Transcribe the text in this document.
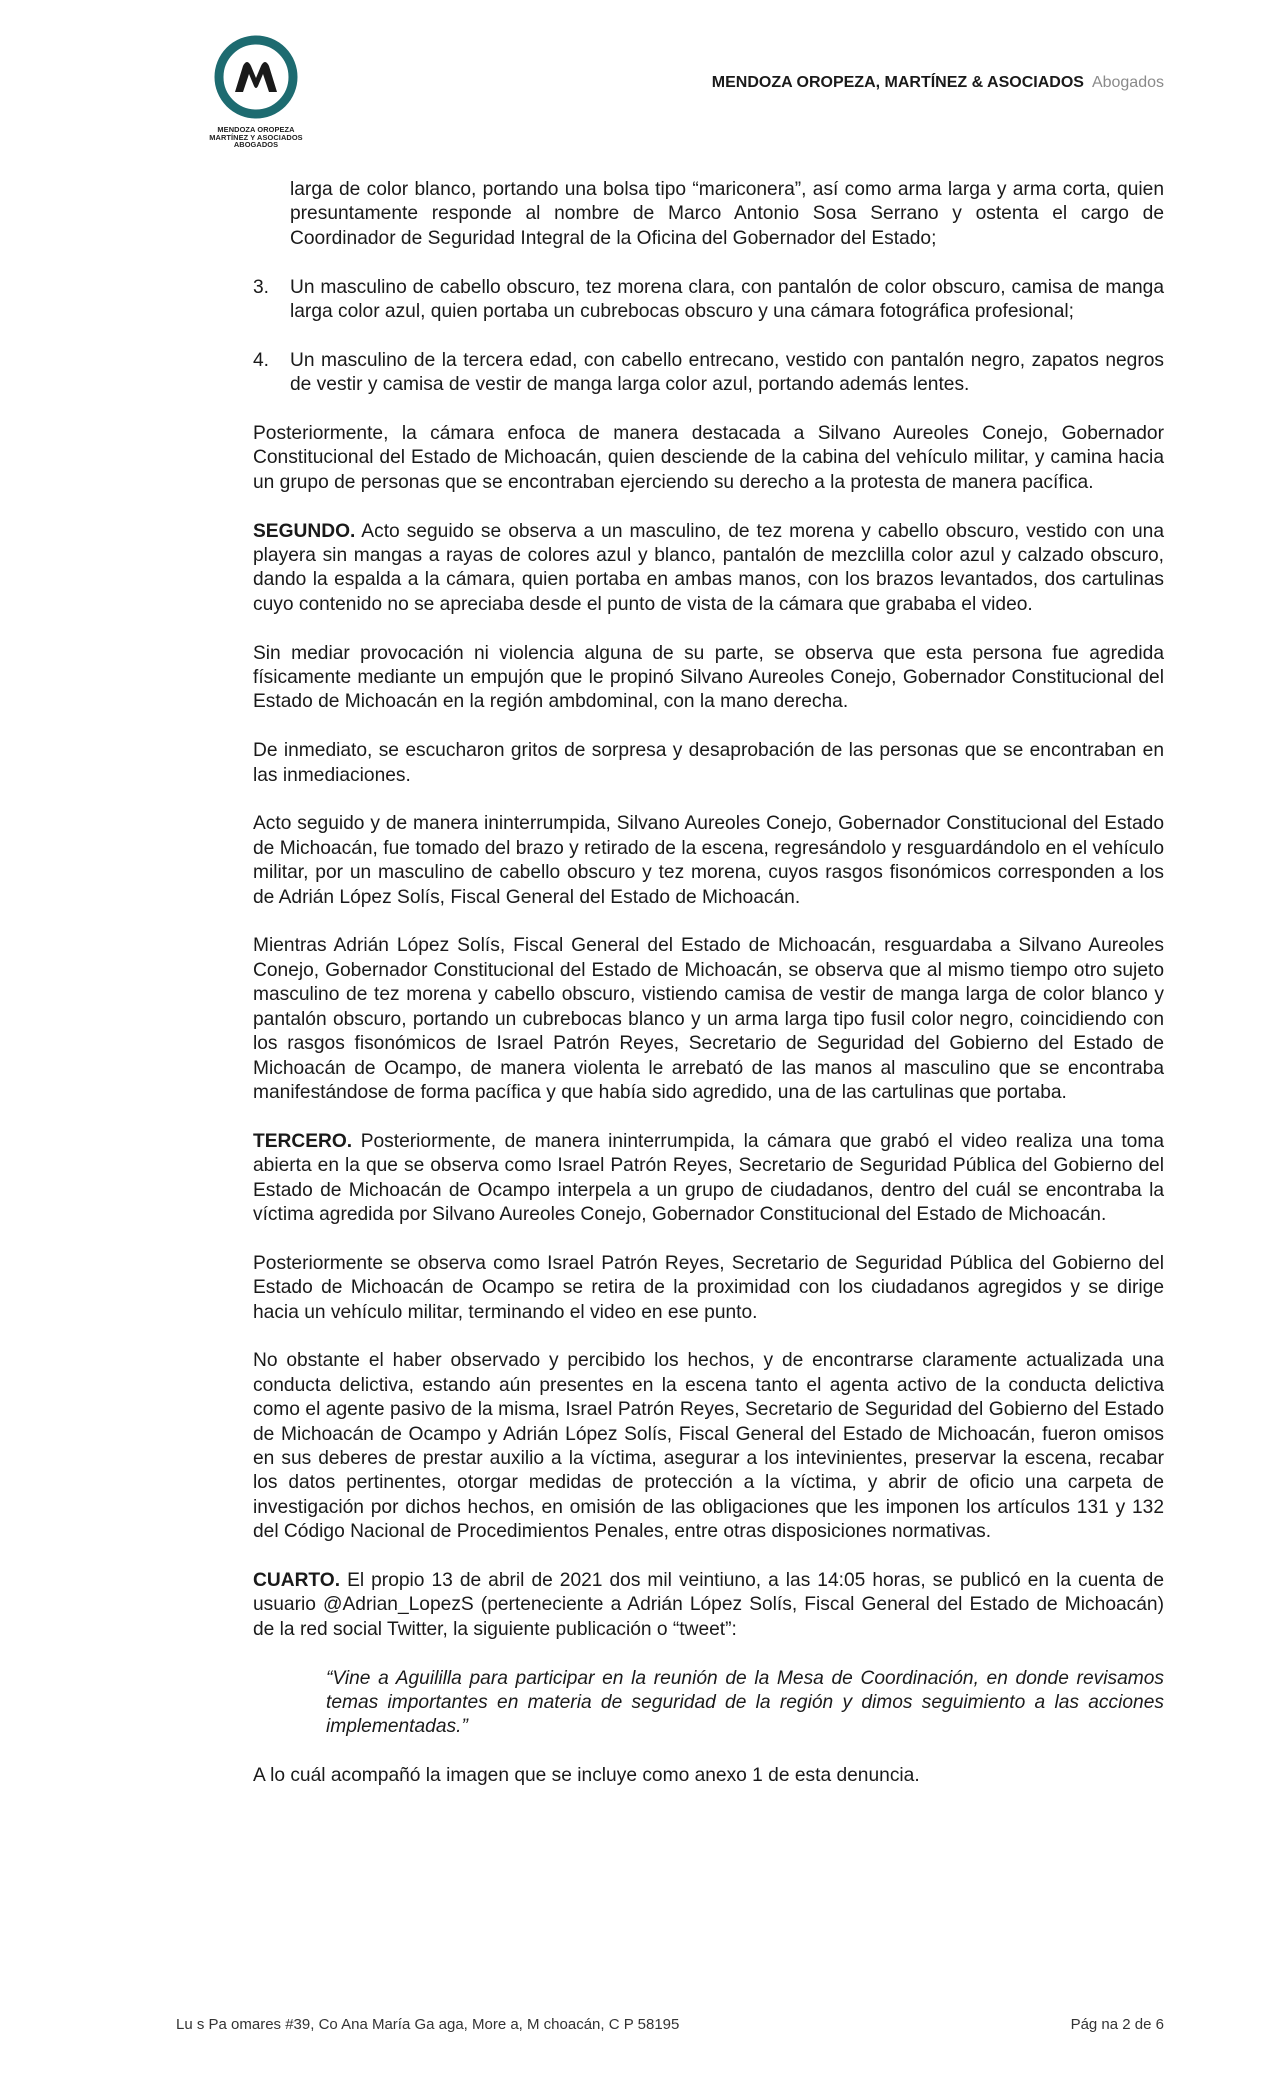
MENDOZA OROPEZA
MARTÍNEZ Y ASOCIADOS
ABOGADOS
MENDOZA OROPEZA, MARTÍNEZ & ASOCIADOS Abogados
larga de color blanco, portando una bolsa tipo “mariconera”, así como arma larga y arma corta, quien presuntamente responde al nombre de Marco Antonio Sosa Serrano y ostenta el cargo de Coordinador de Seguridad Integral de la Oficina del Gobernador del Estado;
3.	Un masculino de cabello obscuro, tez morena clara, con pantalón de color obscuro, camisa de manga larga color azul, quien portaba un cubrebocas obscuro y una cámara fotográfica profesional;
4.	Un masculino de la tercera edad, con cabello entrecano, vestido con pantalón negro, zapatos negros de vestir y camisa de vestir de manga larga color azul, portando además lentes.

Posteriormente, la cámara enfoca de manera destacada a Silvano Aureoles Conejo, Gobernador Constitucional del Estado de Michoacán, quien desciende de la cabina del vehículo militar, y camina hacia un grupo de personas que se encontraban ejerciendo su derecho a la protesta de manera pacífica.

SEGUNDO. Acto seguido se observa a un masculino, de tez morena y cabello obscuro, vestido con una playera sin mangas a rayas de colores azul y blanco, pantalón de mezclilla color azul y calzado obscuro, dando la espalda a la cámara, quien portaba en ambas manos, con los brazos levantados, dos cartulinas cuyo contenido no se apreciaba desde el punto de vista de la cámara que grababa el video.

Sin mediar provocación ni violencia alguna de su parte, se observa que esta persona fue agredida físicamente mediante un empujón que le propinó Silvano Aureoles Conejo, Gobernador Constitucional del Estado de Michoacán en la región ambdominal, con la mano derecha.

De inmediato, se escucharon gritos de sorpresa y desaprobación de las personas que se encontraban en las inmediaciones.

Acto seguido y de manera ininterrumpida, Silvano Aureoles Conejo, Gobernador Constitucional del Estado de Michoacán, fue tomado del brazo y retirado de la escena, regresándolo y resguardándolo en el vehículo militar, por un masculino de cabello obscuro y tez morena, cuyos rasgos fisonómicos corresponden a los de Adrián López Solís, Fiscal General del Estado de Michoacán.

Mientras Adrián López Solís, Fiscal General del Estado de Michoacán, resguardaba a Silvano Aureoles Conejo, Gobernador Constitucional del Estado de Michoacán, se observa que al mismo tiempo otro sujeto masculino de tez morena y cabello obscuro, vistiendo camisa de vestir de manga larga de color blanco y pantalón obscuro, portando un cubrebocas blanco y un arma larga tipo fusil color negro, coincidiendo con los rasgos fisonómicos de Israel Patrón Reyes, Secretario de Seguridad del Gobierno del Estado de Michoacán de Ocampo, de manera violenta le arrebató de las manos al masculino que se encontraba manifestándose de forma pacífica y que había sido agredido, una de las cartulinas que portaba.

TERCERO. Posteriormente, de manera ininterrumpida, la cámara que grabó el video realiza una toma abierta en la que se observa como Israel Patrón Reyes, Secretario de Seguridad Pública del Gobierno del Estado de Michoacán de Ocampo interpela a un grupo de ciudadanos, dentro del cuál se encontraba la víctima agredida por Silvano Aureoles Conejo, Gobernador Constitucional del Estado de Michoacán.

Posteriormente se observa como Israel Patrón Reyes, Secretario de Seguridad Pública del Gobierno del Estado de Michoacán de Ocampo se retira de la proximidad con los ciudadanos agregidos y se dirige hacia un vehículo militar, terminando el video en ese punto.

No obstante el haber observado y percibido los hechos, y de encontrarse claramente actualizada una conducta delictiva, estando aún presentes en la escena tanto el agenta activo de la conducta delictiva como el agente pasivo de la misma, Israel Patrón Reyes, Secretario de Seguridad del Gobierno del Estado de Michoacán de Ocampo y Adrián López Solís, Fiscal General del Estado de Michoacán, fueron omisos en sus deberes de prestar auxilio a la víctima, asegurar a los intevinientes, preservar la escena, recabar los datos pertinentes, otorgar medidas de protección a la víctima, y abrir de oficio una carpeta de investigación por dichos hechos, en omisión de las obligaciones que les imponen los artículos 131 y 132 del Código Nacional de Procedimientos Penales, entre otras disposiciones normativas.

CUARTO. El propio 13 de abril de 2021 dos mil veintiuno, a las 14:05 horas, se publicó en la cuenta de usuario @Adrian_LopezS (perteneciente a Adrián López Solís, Fiscal General del Estado de Michoacán) de la red social Twitter, la siguiente publicación o “tweet”:

“Vine a Aguililla para participar en la reunión de la Mesa de Coordinación, en donde revisamos temas importantes en materia de seguridad de la región y dimos seguimiento a las acciones implementadas.”

A lo cuál acompañó la imagen que se incluye como anexo 1 de esta denuncia.

Lu s Pa omares #39, Co Ana María Ga aga, More a, M choacán, C P 58195	Pág na 2 de 6
